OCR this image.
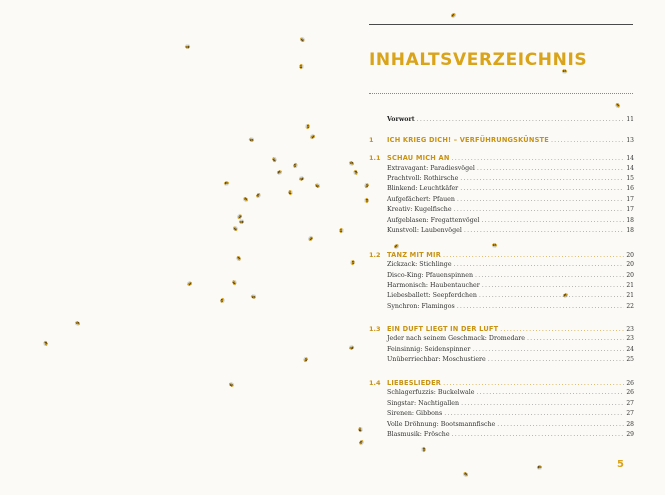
INHALTSVERZEICHNIS
Vorwort .....	11
1	ICH KRIEG DICH! – VERFÜHRUNGSKÜNSTE .....	13
1.1 SCHAU MICH AN .....	14
Extravagant: Paradiesvögel .....	14
Prachtvoll: Rothirsche .....	15
Blinkend: Leuchtkäfer .....	16
Aufgefächert: Pfauen .....	17
Kreativ: Kugelfische .....	17
Aufgeblasen: Fregattenvögel .....	18
Kunstvoll: Laubenvögel .....	18
1.2 TANZ MIT MIR .....	20
Zickzack: Stichlinge .....	20
Disco-King: Pfauenspinnen .....	20
Harmonisch: Haubentaucher .....	21
Liebesballett: Seepferdchen .....	21
Synchron: Flamingos .....	22
1.3 EIN DUFT LIEGT IN DER LUFT .....	23
Jeder nach seinem Geschmack: Dromedare .....	23
Feinsinnig: Seidenspinner .....	24
Unüberriechbar: Moschustiere .....	25
1.4 LIEBESLIEDER .....	26
Schlagerfuzzis: Buckelwale .....	26
Singstar: Nachtigallen .....	27
Sirenen: Gibbons .....	27
Volle Dröhnung: Bootsmannfische .....	28
Blasmusik: Frösche .....	29
5
